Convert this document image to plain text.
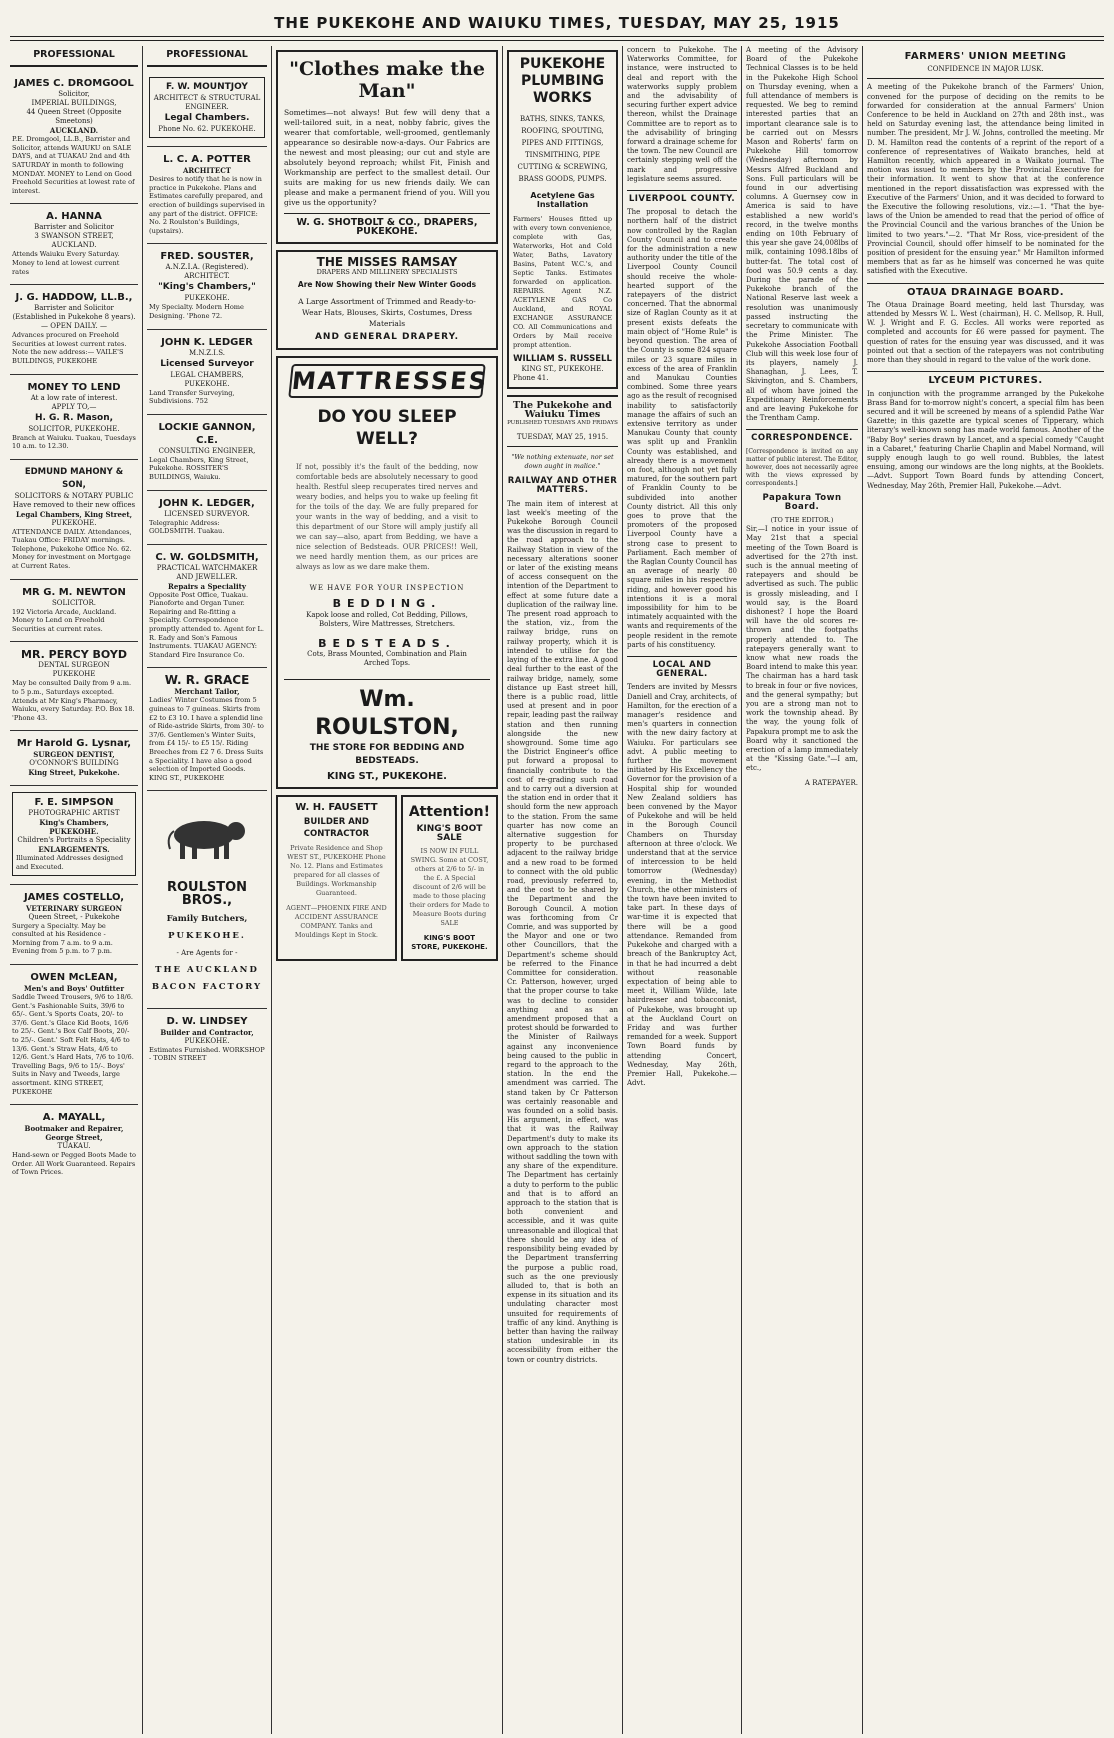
THE PUKEKOHE AND WAIUKU TIMES, TUESDAY, MAY 25, 1915
PROFESSIONAL
JAMES C. DROMGOOL
Solicitor,
IMPERIAL BUILDINGS,
44 Queen Street (Opposite Smeetons)
AUCKLAND.
P.E. Dromgool, LL.B., Barrister and Solicitor, attends WAIUKU on SALE DAYS, and at TUAKAU 2nd and 4th SATURDAY in month to following MONDAY. MONEY to Lend on Good Freehold Securities at lowest rate of interest.
A. HANNA
Barrister and Solicitor
3 SWANSON STREET, AUCKLAND.
Attends Waiuku Every Saturday. Money to lend at lowest current rates
J. G. HADDOW, LL.B.,
Barrister and Solicitor
(Established in Pukekohe 8 years).
— OPEN DAILY. —
Advances procured on Freehold Securities at lowest current rates. Note the new address:— VAILE'S BUILDINGS, PUKEKOHE
MONEY TO LEND
At a low rate of interest.
APPLY TO,—
H. G. R. Mason,
SOLICITOR, PUKEKOHE.
Branch at Waiuku. Tuakau, Tuesdays 10 a.m. to 12.30.
EDMUND MAHONY & SON,
SOLICITORS & NOTARY PUBLIC
Have removed to their new offices
Legal Chambers, King Street,
PUKEKOHE.
ATTENDANCE DAILY. Attendances, Tuakau Office: FRIDAY mornings. Telephone, Pukekohe Office No. 62. Money for investment on Mortgage at Current Rates.
MR G. M. NEWTON
SOLICITOR.
192 Victoria Arcade, Auckland. Money to Lend on Freehold Securities at current rates.
MR. PERCY BOYD
DENTAL SURGEON
PUKEKOHE
May be consulted Daily from 9 a.m. to 5 p.m., Saturdays excepted. Attends at Mr King's Pharmacy, Waiuku, every Saturday. P.O. Box 18. 'Phone 43.
Mr Harold G. Lysnar,
SURGEON DENTIST,
O'CONNOR'S BUILDING
King Street, Pukekohe.
F. E. SIMPSON
PHOTOGRAPHIC ARTIST
King's Chambers,
PUKEKOHE.
Children's Portraits a Speciality
ENLARGEMENTS.
Illuminated Addresses designed and Executed.
JAMES COSTELLO,
VETERINARY SURGEON
Queen Street, - Pukekohe
Surgery a Specialty. May be consulted at his Residence - Morning from 7 a.m. to 9 a.m. Evening from 5 p.m. to 7 p.m.
OWEN McLEAN,
Men's and Boys' Outfitter
Saddle Tweed Trousers, 9/6 to 18/6. Gent.'s Fashionable Suits, 39/6 to 65/-. Gent.'s Sports Coats, 20/- to 37/6. Gent.'s Glace Kid Boots, 16/6 to 25/-. Gent.'s Box Calf Boots, 20/- to 25/-. Gent.' Soft Felt Hats, 4/6 to 13/6. Gent.'s Straw Hats, 4/6 to 12/6. Gent.'s Hard Hats, 7/6 to 10/6. Travelling Bags, 9/6 to 15/-. Boys' Suits in Navy and Tweeds, large assortment. KING STREET, PUKEKOHE
A. MAYALL,
Bootmaker and Repairer,
George Street,
TUAKAU.
Hand-sewn or Pegged Boots Made to Order. All Work Guaranteed. Repairs of Town Prices.
PROFESSIONAL
F. W. MOUNTJOY
ARCHITECT & STRUCTURAL ENGINEER.
Legal Chambers.
Phone No. 62. PUKEKOHE.
L. C. A. POTTER
ARCHITECT
Desires to notify that he is now in practice in Pukekohe. Plans and Estimates carefully prepared, and erection of buildings supervised in any part of the district. OFFICE: No. 2 Roulston's Buildings, (upstairs).
FRED. SOUSTER,
A.N.Z.I.A. (Registered).
ARCHITECT.
"King's Chambers,"
PUKEKOHE.
My Specialty. Modern Home Designing. 'Phone 72.
JOHN K. LEDGER
M.N.Z.I.S.
Licensed Surveyor
LEGAL CHAMBERS,
PUKEKOHE.
Land Transfer Surveying, Subdivisions. 752
LOCKIE GANNON, C.E.
CONSULTING ENGINEER,
Legal Chambers, King Street, Pukekohe. ROSSITER'S BUILDINGS, Waiuku.
JOHN K. LEDGER,
LICENSED SURVEYOR.
Telegraphic Address: GOLDSMITH. Tuakau.
C. W. GOLDSMITH,
PRACTICAL WATCHMAKER AND JEWELLER.
Repairs a Speciality
Opposite Post Office, Tuakau. Pianoforte and Organ Tuner. Repairing and Re-fitting a Specialty. Correspondence promptly attended to. Agent for L. R. Eady and Son's Famous Instruments. TUAKAU AGENCY: Standard Fire Insurance Co.
W. R. GRACE
Merchant Tailor,
Ladies' Winter Costumes from 5 guineas to 7 guineas. Skirts from £2 to £3 10. I have a splendid line of Ride-astride Skirts, from 30/- to 37/6. Gentlemen's Winter Suits, from £4 15/- to £5 15/. Riding Breeches from £2 7 6. Dress Suits a Speciality. I have also a good selection of Imported Goods. KING ST., PUKEKOHE
ROULSTON BROS.,
Family Butchers,
PUKEKOHE.
- Are Agents for -
THE AUCKLAND
BACON FACTORY
D. W. LINDSEY
Builder and Contractor,
PUKEKOHE.
Estimates Furnished. WORKSHOP - TOBIN STREET
"Clothes make the Man"

Sometimes—not always! But few will deny that a well-tailored suit, in a neat, nobby fabric, gives the wearer that comfortable, well-groomed, gentlemanly appearance so desirable now-a-days. Our Fabrics are the newest and most pleasing; our cut and style are absolutely beyond reproach; whilst Fit, Finish and Workmanship are perfect to the smallest detail. Our suits are making for us new friends daily. We can please and make a permanent friend of you. Will you give us the opportunity?

W. G. SHOTBOLT & CO., DRAPERS, PUKEKOHE.
THE MISSES RAMSAY
DRAPERS AND MILLINERY SPECIALISTS
Are Now Showing their New Winter Goods
A Large Assortment of Trimmed and Ready-to-Wear Hats, Blouses, Skirts, Costumes, Dress Materials
AND GENERAL DRAPERY.
MATTRESSES
DO YOU SLEEP WELL?

If not, possibly it's the fault of the bedding, now comfortable beds are absolutely necessary to good health. Restful sleep recuperates tired nerves and weary bodies, and helps you to wake up feeling fit for the toils of the day. We are fully prepared for your wants in the way of bedding, and a visit to this department of our Store will amply justify all we can say—also, apart from Bedding, we have a nice selection of Bedsteads. OUR PRICES!! Well, we need hardly mention them, as our prices are always as low as we dare make them.

WE HAVE FOR YOUR INSPECTION
BEDDING.
Kapok loose and rolled, Cot Bedding, Pillows, Bolsters, Wire Mattresses, Stretchers.
BEDSTEADS.
Cots, Brass Mounted, Combination and Plain Arched Tops.
Wm. ROULSTON,
THE STORE FOR BEDDING AND BEDSTEADS.
KING ST., PUKEKOHE.
W. H. FAUSETT
BUILDER AND CONTRACTOR
Private Residence and Shop WEST ST., PUKEKOHE Phone No. 12. Plans and Estimates prepared for all classes of Buildings. Workmanship Guaranteed.
AGENT—PHOENIX FIRE AND ACCIDENT ASSURANCE COMPANY. Tanks and Mouldings Kept in Stock.
Attention!
KING'S BOOT SALE
IS NOW IN FULL SWING. Some at COST, others at 2/6 to 5/- in the £. A Special discount of 2/6 will be made to those placing their orders for Made to Measure Boots during SALE
KING'S BOOT STORE, PUKEKOHE.
PUKEKOHE PLUMBING WORKS
BATHS, SINKS, TANKS, ROOFING, SPOUTING, PIPES AND FITTINGS, TINSMITHING, PIPE CUTTING & SCREWING, BRASS GOODS, PUMPS.
Acetylene Gas Installation

Farmers' Houses fitted up with every town convenience, complete with Gas, Waterworks, Hot and Cold Water, Baths, Lavatory Basins, Patent W.C.'s, and Septic Tanks. Estimates forwarded on application. REPAIRS. Agent N.Z. ACETYLENE GAS Co Auckland, and ROYAL EXCHANGE ASSURANCE CO. All Communications and Orders by Mail receive prompt attention.

WILLIAM S. RUSSELL
KING ST., PUKEKOHE.
Phone 41.
The Pukekohe and Waiuku Times
PUBLISHED TUESDAYS AND FRIDAYS
TUESDAY, MAY 25, 1915.
"We nothing extenuate, nor set down aught in malice."
RAILWAY AND OTHER MATTERS.

The main item of interest at last week's meeting of the Pukekohe Borough Council was the discussion in regard to the road approach to the Railway Station in view of the necessary alterations sooner or later of the existing means of access consequent on the intention of the Department to effect at some future date a duplication of the railway line. The present road approach to the station, viz., from the railway bridge, runs on railway property, which it is intended to utilise for the laying of the extra line. A good deal further to the east of the railway bridge, namely, some distance up East street hill, there is a public road, little used at present and in poor repair, leading past the railway station and then running alongside the new showground. Some time ago the District Engineer's office put forward a proposal to financially contribute to the cost of re-grading such road and to carry out a diversion at the station end in order that it should form the new approach to the station. From the same quarter has now come an alternative suggestion for property to be purchased adjacent to the railway bridge and a new road to be formed to connect with the old public road, previously referred to, and the cost to be shared by the Department and the Borough Council. A motion was forthcoming from Cr Comrie, and was supported by the Mayor and one or two other Councillors, that the Department's scheme should be referred to the Finance Committee for consideration. Cr. Patterson, however, urged that the proper course to take was to decline to consider anything and as an amendment proposed that a protest should be forwarded to the Minister of Railways against any inconvenience being caused to the public in regard to the approach to the station. In the end the amendment was carried. The stand taken by Cr Patterson was certainly reasonable and was founded on a solid basis. His argument, in effect, was that it was the Railway Department's duty to make its own approach to the station without saddling the town with any share of the expenditure. The Department has certainly a duty to perform to the public and that is to afford an approach to the station that is both convenient and accessible, and it was quite unreasonable and illogical that there should be any idea of responsibility being evaded by the Department transferring the purpose a public road, such as the one previously alluded to, that is both an expense in its situation and its undulating character most unsuited for requirements of traffic of any kind. Anything is better than having the railway station undesirable in its accessibility from either the town or country districts.

concern to Pukekohe. The Waterworks Committee, for instance, were instructed to deal and report with the waterworks supply problem and the advisability of securing further expert advice thereon, whilst the Drainage Committee are to report as to the advisability of bringing forward a drainage scheme for the town. The new Council are certainly stepping well off the mark and progressive legislature seems assured.

LIVERPOOL COUNTY.

The proposal to detach the northern half of the district now controlled by the Raglan County Council and to create for the administration a new authority under the title of the Liverpool County Council should receive the whole-hearted support of the ratepayers of the district concerned. That the abnormal size of Raglan County as it at present exists defeats the main object of "Home Rule" is beyond question. The area of the County is some 824 square miles or 23 square miles in excess of the area of Franklin and Manukau Counties combined. Some three years ago as the result of recognised inability to satisfactorily manage the affairs of such an extensive territory as under Manukau County that county was split up and Franklin County was established, and already there is a movement on foot, although not yet fully matured, for the southern part of Franklin County to be subdivided into another County district. All this only goes to prove that the promoters of the proposed Liverpool County have a strong case to present to Parliament. Each member of the Raglan County Council has an average of nearly 80 square miles in his respective riding, and however good his intentions it is a moral impossibility for him to be intimately acquainted with the wants and requirements of the people resident in the remote parts of his constituency.

LOCAL AND GENERAL.

Tenders are invited by Messrs Daniell and Cray, architects, of Hamilton, for the erection of a manager's residence and men's quarters in connection with the new dairy factory at Waiuku. For particulars see advt. A public meeting to further the movement initiated by His Excellency the Governor for the provision of a Hospital ship for wounded New Zealand soldiers has been convened by the Mayor of Pukekohe and will be held in the Borough Council Chambers on Thursday afternoon at three o'clock. We understand that at the service of intercession to be held tomorrow (Wednesday) evening, in the Methodist Church, the other ministers of the town have been invited to take part. In these days of war-time it is expected that there will be a good attendance. Remanded from Pukekohe and charged with a breach of the Bankruptcy Act, in that he had incurred a debt without reasonable expectation of being able to meet it, William Wilde, late hairdresser and tobacconist, of Pukekohe, was brought up at the Auckland Court on Friday and was further remanded for a week. Support Town Board funds by attending Concert, Wednesday, May 26th, Premier Hall, Pukekohe.—Advt.

A meeting of the Advisory Board of the Pukekohe Technical Classes is to be held in the Pukekohe High School on Thursday evening, when a full attendance of members is requested. We beg to remind interested parties that an important clearance sale is to be carried out on Messrs Mason and Roberts' farm on Pukekohe Hill tomorrow (Wednesday) afternoon by Messrs Alfred Buckland and Sons. Full particulars will be found in our advertising columns. A Guernsey cow in America is said to have established a new world's record, in the twelve months ending on 10th February of this year she gave 24,008lbs of milk, containing 1098.18lbs of butter-fat. The total cost of food was 50.9 cents a day. During the parade of the Pukekohe branch of the National Reserve last week a resolution was unanimously passed instructing the secretary to communicate with the Prime Minister. The Pukekohe Association Football Club will this week lose four of its players, namely J. Shanaghan, J. Lees, T. Skivington, and S. Chambers, all of whom have joined the Expeditionary Reinforcements and are leaving Pukekohe for the Trentham Camp.

CORRESPONDENCE.

[Correspondence is invited on any matter of public interest. The Editor, however, does not necessarily agree with the views expressed by correspondents.]

Papakura Town Board.
(TO THE EDITOR.)

Sir,—I notice in your issue of May 21st that a special meeting of the Town Board is advertised for the 27th inst. such is the annual meeting of ratepayers and should be advertised as such. The public is grossly misleading, and I would say, is the Board dishonest? I hope the Board will have the old scores re-thrown and the footpaths properly attended to. The ratepayers generally want to know what new roads the Board intend to make this year. The chairman has a hard task to break in four or five novices, and the general sympathy; but you are a strong man not to work the township ahead. By the way, the young folk of Papakura prompt me to ask the Board why it sanctioned the erection of a lamp immediately at the "Kissing Gate."—I am, etc.,

A RATEPAYER.
FARMERS' UNION MEETING
CONFIDENCE IN MAJOR LUSK.

A meeting of the Pukekohe branch of the Farmers' Union, convened for the purpose of deciding on the remits to be forwarded for consideration at the annual Farmers' Union Conference to be held in Auckland on 27th and 28th inst., was held on Saturday evening last, the attendance being limited in number. The president, Mr J. W. Johns, controlled the meeting. Mr D. M. Hamilton read the contents of a reprint of the report of a conference of representatives of Waikato branches, held at Hamilton recently, which appeared in a Waikato journal. The motion was issued to members by the Provincial Executive for their information. It went to show that at the conference mentioned in the report dissatisfaction was expressed with the Executive of the Farmers' Union, and it was decided to forward to the Executive the following resolutions, viz.:—1. "That the bye-laws of the Union be amended to read that the period of office of the Provincial Council and the various branches of the Union be limited to two years."—2. "That Mr Ross, vice-president of the Provincial Council, should offer himself to be nominated for the position of president for the ensuing year." Mr Hamilton informed members that as far as he himself was concerned he was quite satisfied with the Executive.

OTAUA DRAINAGE BOARD.

The Otaua Drainage Board meeting, held last Thursday, was attended by Messrs W. L. West (chairman), H. C. Mellsop, R. Hull, W. J. Wright and F. G. Eccles. All works were reported as completed and accounts for £6 were passed for payment. The question of rates for the ensuing year was discussed, and it was pointed out that a section of the ratepayers was not contributing more than they should in regard to the value of the work done.

LYCEUM PICTURES.

In conjunction with the programme arranged by the Pukekohe Brass Band for to-morrow night's concert, a special film has been secured and it will be screened by means of a splendid Pathe War Gazette; in this gazette are typical scenes of Tipperary, which literary's well-known song has made world famous. Another of the "Baby Boy" series drawn by Lancet, and a special comedy "Caught in a Cabaret," featuring Charlie Chaplin and Mabel Normand, will supply enough laugh to go well round. Bubbles, the latest ensuing, among our windows are the long nights, at the Booklets.—Advt. Support Town Board funds by attending Concert, Wednesday, May 26th, Premier Hall, Pukekohe.—Advt.
